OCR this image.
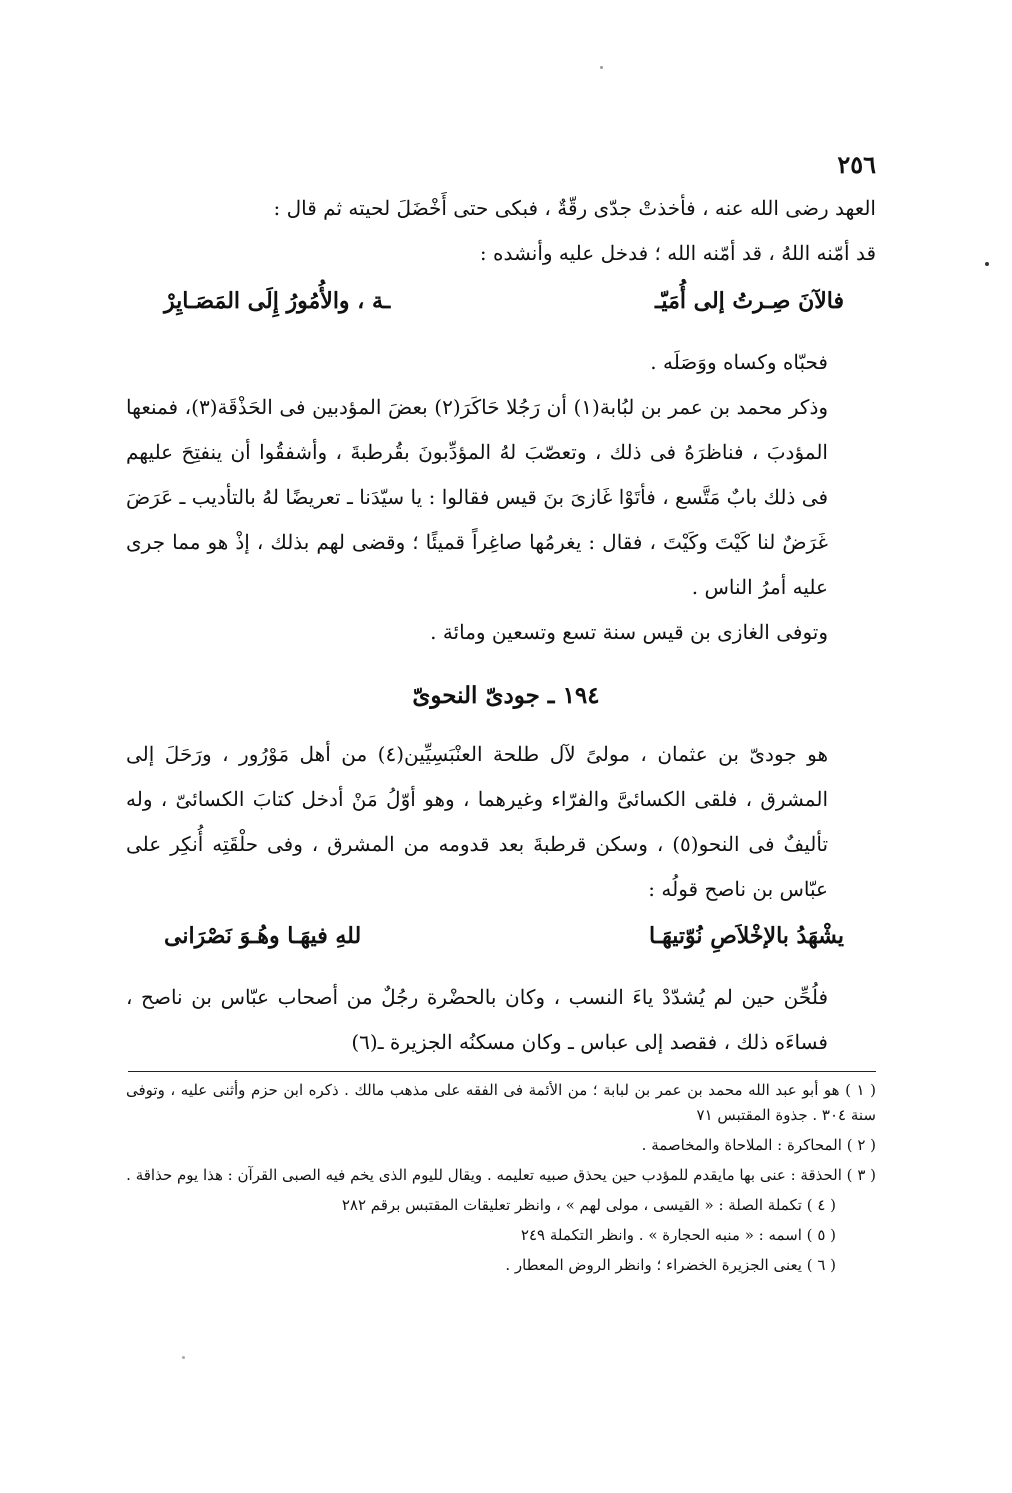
٢٥٦
العهد رضى الله عنه ، فأخذتْ جدّى رقّةٌ ، فبكى حتى أَخْضَلَ لحيته ثم قال :
قد أمّنه اللهُ ، قد أمّنه الله ؛ فدخل عليه وأنشده :
فالآنَ صِـرتُ إلى أُمَيّـ
ـة ، والأُمُورُ إِلَى المَصَـايِرْ
فحبّاه وكساه ووَصَلَه .
وذكر محمد بن عمر بن لبُابة(١) أن رَجُلا حَاكَرَ(٢) بعضَ المؤدبين فى الحَذْقَة(٣)، فمنعها المؤدبَ ، فناظرَهُ فى ذلك ، وتعصّبَ لهُ المؤدِّبونَ بقُرطبةَ ، وأشفقُوا أن ينفتِحَ عليهم فى ذلك بابٌ مَتَّسع ، فأتَوْا غَازىَ بنَ قيس فقالوا : يا سيّدَنا ـ تعريضًا لهُ بالتأديب ـ عَرَضَ غَرَضٌ لنا كَيْتَ وكَيْتَ ، فقال : يغرمُها صاغِراً قميئًا ؛ وقضى لهم بذلك ، إذْ هو مما جرى عليه أمرُ الناس .
وتوفى الغازى بن قيس سنة تسع وتسعين ومائة .
١٩٤ ـ جودىّ النحوىّ
هو جودىّ بن عثمان ، مولىً لآل طلحة العنْبَسِيِّين(٤) من أهل مَوْرُور ، ورَحَلَ إلى المشرق ، فلقى الكسائىَّ والفرّاء وغيرهما ، وهو أوّلُ مَنْ أدخل كتابَ الكسائىّ ، وله تأليفٌ فى النحو(٥) ، وسكن قرطبةَ بعد قدومه من المشرق ، وفى حلْقَتِه أُنكِر على عبّاس بن ناصح قولُه :
يشْهَدُ بالإخْلاَصِ نُوّتيهَـا
للهِ فيهَـا وهُـوَ نَصْرَانى
فلُحِّن حين لم يُشدّدْ ياءَ النسب ، وكان بالحضْرة رجُلٌ من أصحاب عبّاس بن ناصح ، فساءَه ذلك ، فقصد إلى عباس ـ وكان مسكنُه الجزيرة ـ(٦)

( ١ ) هو أبو عبد الله محمد بن عمر بن لبابة ؛ من الأئمة فى الفقه على مذهب مالك . ذكره ابن حزم وأثنى عليه ، وتوفى سنة ٣٠٤ . جذوة المقتبس ٧١

( ٢ ) المحاكرة : الملاحاة والمخاصمة .

( ٣ ) الحذقة : عنى بها مايقدم للمؤدب حين يحذق صبيه تعليمه . ويقال لليوم الذى يخم فيه الصبى القرآن : هذا يوم حذاقة .

( ٤ ) تكملة الصلة : « القيسى ، مولى لهم » ، وانظر تعليقات المقتبس برقم ٢٨٢

( ٥ ) اسمه : « منبه الحجارة » . وانظر التكملة ٢٤٩

( ٦ ) يعنى الجزيرة الخضراء ؛ وانظر الروض المعطار .
